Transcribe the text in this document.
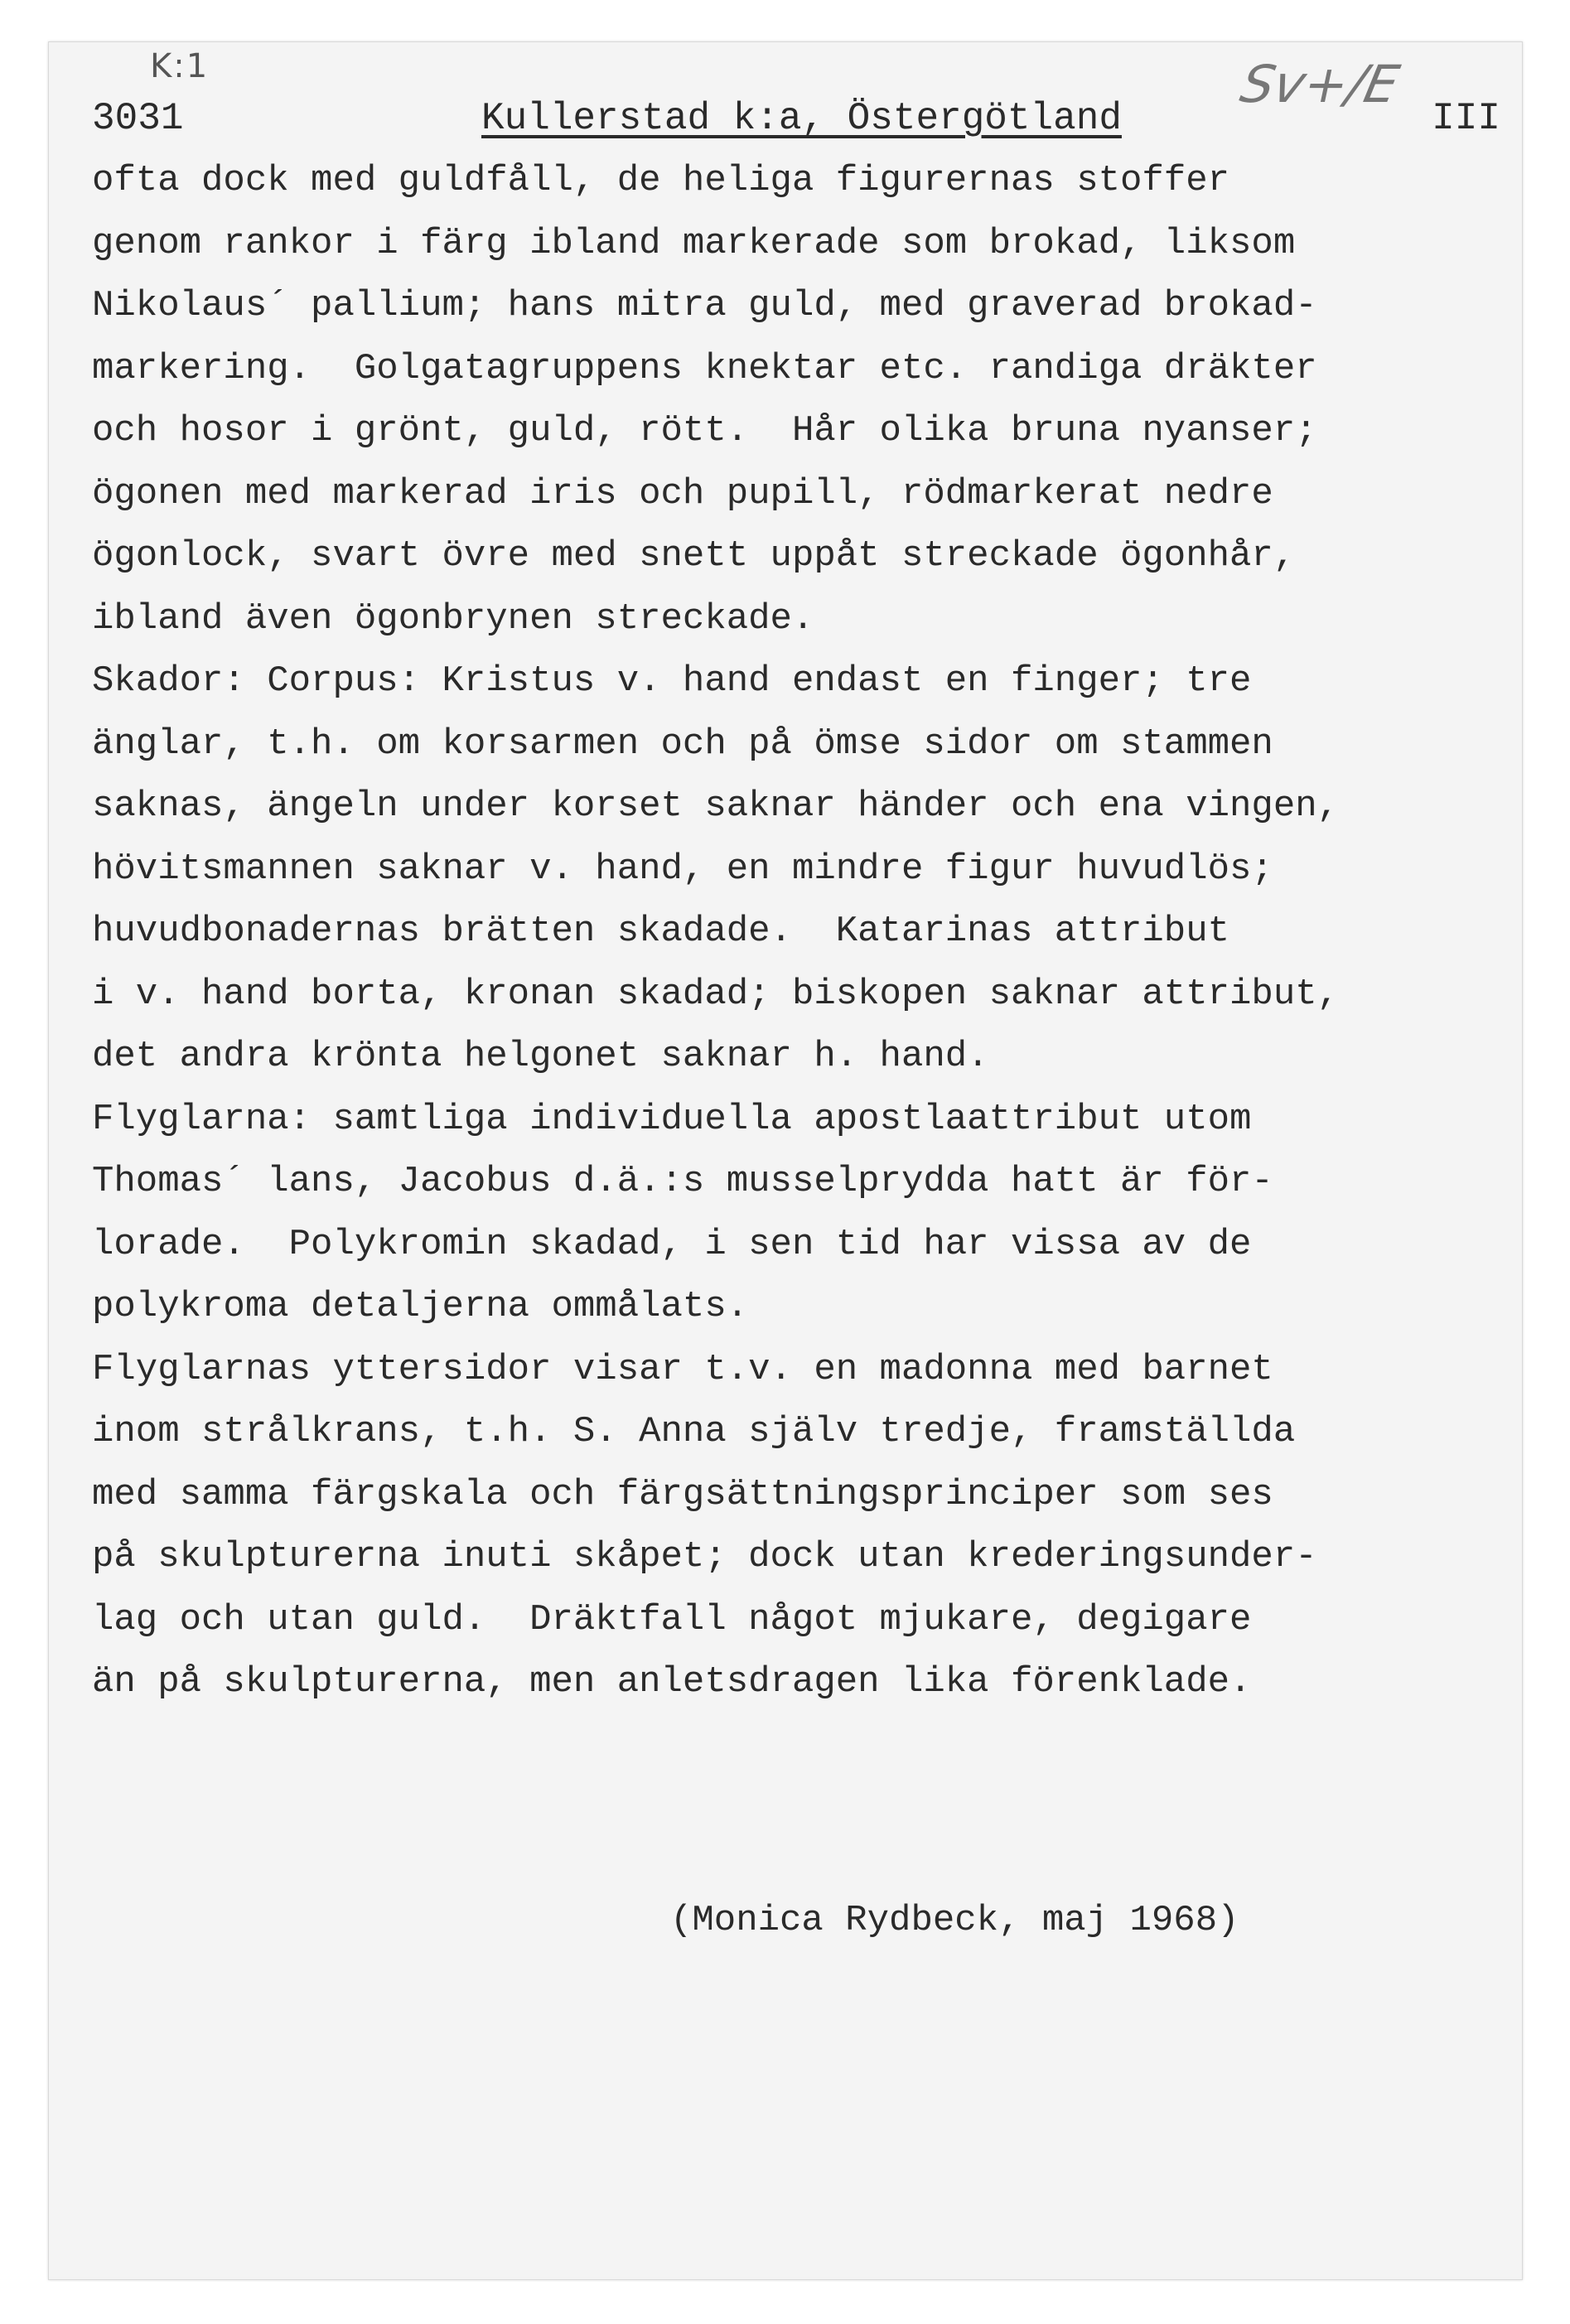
K:1	Sv+/E
3031	Kullerstad k:a, Östergötland	III
ofta dock med guldfåll, de heliga figurernas stoffer
genom rankor i färg ibland markerade som brokad, liksom
Nikolaus´ pallium; hans mitra guld, med graverad brokad-
markering.  Golgatagruppens knektar etc. randiga dräkter
och hosor i grönt, guld, rött.  Hår olika bruna nyanser;
ögonen med markerad iris och pupill, rödmarkerat nedre
ögonlock, svart övre med snett uppåt streckade ögonhår,
ibland även ögonbrynen streckade.
Skador: Corpus: Kristus v. hand endast en finger; tre
änglar, t.h. om korsarmen och på ömse sidor om stammen
saknas, ängeln under korset saknar händer och ena vingen,
hövitsmannen saknar v. hand, en mindre figur huvudlös;
huvudbonadernas brätten skadade.  Katarinas attribut
i v. hand borta, kronan skadad; biskopen saknar attribut,
det andra krönta helgonet saknar h. hand.
Flyglarna: samtliga individuella apostlaattribut utom
Thomas´ lans, Jacobus d.ä.:s musselprydda hatt är för-
lorade.  Polykromin skadad, i sen tid har vissa av de
polykroma detaljerna ommålats.
Flyglarnas yttersidor visar t.v. en madonna med barnet
inom strålkrans, t.h. S. Anna själv tredje, framställda
med samma färgskala och färgsättningsprinciper som ses
på skulpturerna inuti skåpet; dock utan krederingsunder-
lag och utan guld.  Dräktfall något mjukare, degigare
än på skulpturerna, men anletsdragen lika förenklade.
(Monica Rydbeck, maj 1968)
